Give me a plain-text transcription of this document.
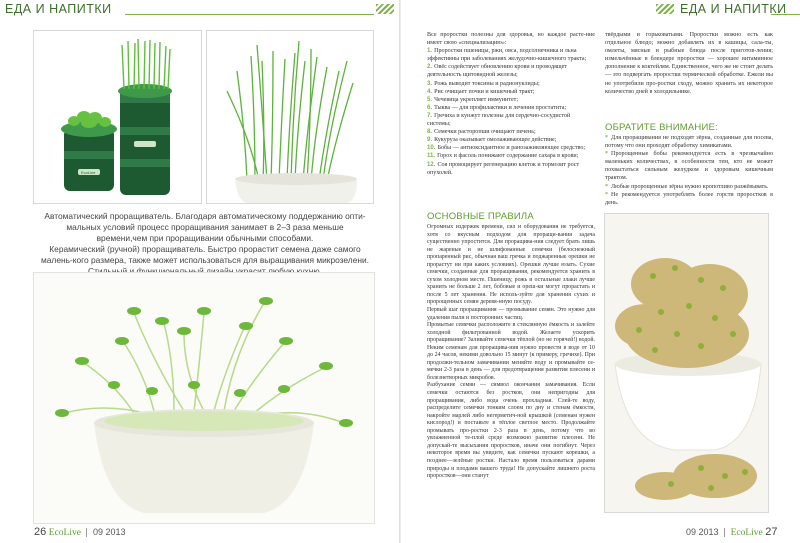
ЕДА И НАПИТКИ	ЕДА И НАПИТКИ
EcoLine

Автоматический проращиватель. Благодаря автоматическому поддержанию опти-мальных условий процесс проращивания занимает в 2–3 раза меньше времени,чем при проращивании обычными способами.

Керамический (ручной) проращиватель. Быстро прорастит семена даже самого малень-кого размера, также может использоваться для выращивания микрозелени.

Все проростки полезны для здоровья, но каждое расте-ние имеет свою «специализацию»:

1. Проростки пшеницы, ржи, овса, подсолнечника и льна эффективны при заболеваниях желудочно-кишечного тракта;
2. Овёс содействует обновлению крови и проводящет деятельность щитовидной железы;
3. Рожь выводит токсины и радионуклиды;
4. Рис очищает почки и кишечный тракт;
5. Чечевица укрепляет иммунитет;
6. Тыква — для профилактики и лечения простатита;
7. Гречиха и кунжут полезны для сердечно-сосудистой системы;
8. Семечки расторопши очищают печень;
9. Кукуруза оказывает омолаживающее действие;
10. Бобы — антиоксидантное и ранозаживляющее средство;
11. Горох и фасоль понижают содержание сахара в крови;
12. Соя провоцирует регенерацию клеток и тормозит рост опухолей.
ОСНОВНЫЕ ПРАВИЛА

Огромных издержек времени, сил и оборудования не требуется, хотя со вкусным подходом для проращи-вания задача существенно упростится. Для проращива-ния следует брать лишь не жареные и не шлифованные семечки (белоснежный пропаренный рис, обычная ваш гречка и поджаренные орешки не прорастут ни при каких условиях). Орешки лучше юзать. Сухие семечки, созданные для проращивания, рекомендуется хранить в сухом холодном месте. Пшеницу, рожь и остальные злаки лучше хранить не больше 2 лет, бобовые и ореш-ки могут прорастать и после 5 лет хранения. Не исполь-зуйте для хранения сухих и пророщенных семян деревя-нную посуду.

Первый шаг проращивания — промывание семян. Это нужно для удаления пыли и посторонних частиц.

Промытые семечки расположите в стеклянную ёмкость и залейте холодной фильтрованной водой. Желаете ускорить проращивание? Заливайте семечки тёплой (но не горячей!) водой. Неким семенам для проращива-ния нужно провести в воде от 10 до 24 часов, некими довольно 15 минут (к примеру, гречихе). При продолжи-тельном замачивании меняйте воду и промывайте се-мечки 2-3 раза в день — для предотвращения развития плесени и болезнетворных микробов.

Разбухание семян — символ окончания замачивания. Если семечки остаются без ростков, они непригодны для проращивания, либо вода очень прохладная. Слей-те воду, распределите семечки тонким слоем по дну и стенам ёмкости, накройте марлей либо негерметич-ной крышкой (семенам нужен кислород!) и поставьте в тёплое светлое место. Продолжайте промывать про-ростки 2-3 раза в день, потому что во увлажненной те-плой среде возможно развитие плесени. Не допускай-те высыхания проростков, иначе они погибнут. Через некоторое время вы увидите, как семечки пускают корешки, а позднее—зелёные ростки. Настало время пользоваться дарами природы и плодами вашего труда! Не допускайте лишнего роста проростков—они станут

твёрдыми и горьковатыми. Проростки можно есть как отдельное блюдо; можно добавлять их в кашицы, сала-ты, омлеты, мясные и рыбные блюда после приготов-ления; измельчённые в блендере проростки — хорошее витаминное дополнение к коктейлям. Единственное, чего же не стоит делать — это подвергать проростки термической обработке. Ежели вы не употребили про-ростки сходу, можно хранить их некоторое количество дней в холодильнике.

ОБРАТИТЕ ВНИМАНИЕ:

* Для проращивания не подходят зёрна, созданные для посева, потому что они проходят обработку химикатами.

* Пророщенные бобы рекомендуется есть в чрезвычайно маленьких количествах, в особенности тем, кто не может похвастаться сильным желудком и здоровым кишечным трактом.

* Любые пророщенные зёрна нужно кропотливо разжёвывать.

* Не рекомендуется употреблять более горсти проростков в день.

26 EcoLive 09 2013	09 2013 EcoLive 27
